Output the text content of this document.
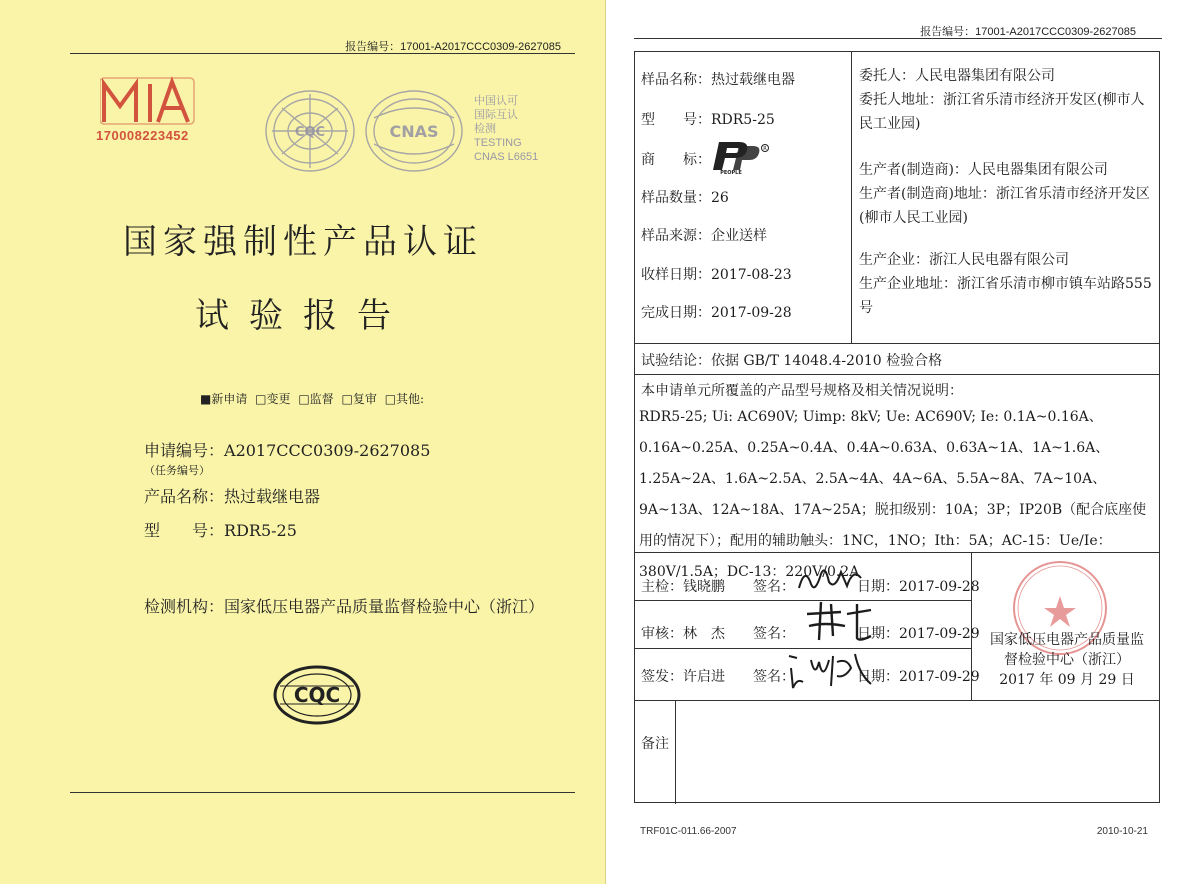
报告编号：17001-A2017CCC0309-2627085
170008223452	CQC	CNAS
中国认可
国际互认
检测
TESTING
CNAS L6651
国家强制性产品认证
试验报告
■新申请 □变更 □监督 □复审 □其他:
申请编号：A2017CCC0309-2627085
（任务编号）
产品名称：热过载继电器
型　　号：RDR5-25
检测机构：国家低压电器产品质量监督检验中心（浙江）
CQC
报告编号：17001-A2017CCC0309-2627085
样品名称：热过载继电器
型　　号：RDR5-25
商　　标：
R
PEOPLE
样品数量：26
样品来源：企业送样
收样日期：2017-08-23
完成日期：2017-09-28
委托人：人民电器集团有限公司
委托人地址：浙江省乐清市经济开发区(柳市人民工业园)
生产者(制造商)：人民电器集团有限公司
生产者(制造商)地址：浙江省乐清市经济开发区(柳市人民工业园)
生产企业：浙江人民电器有限公司
生产企业地址：浙江省乐清市柳市镇车站路555号
试验结论：依据 GB/T 14048.4-2010 检验合格
本申请单元所覆盖的产品型号规格及相关情况说明：
RDR5-25; Ui: AC690V; Uimp: 8kV; Ue: AC690V; Ie: 0.1A~0.16A、0.16A~0.25A、0.25A~0.4A、0.4A~0.63A、0.63A~1A、1A~1.6A、1.25A~2A、1.6A~2.5A、2.5A~4A、4A~6A、5.5A~8A、7A~10A、9A~13A、12A~18A、17A~25A；脱扣级别：10A；3P；IP20B（配合底座使用的情况下）；配用的辅助触头：1NC，1NO；Ith：5A；AC-15：Ue/Ie：380V/1.5A；DC-13：220V/0.2A
主检：钱晓鹏 签名：	日期：2017-09-28
审核：林　杰 签名：	日期：2017-09-29
签发：许启进 签名：	日期：2017-09-29
国家低压电器产品质量监
督检验中心（浙江）
2017 年 09 月 29 日
备注
TRF01C-011.66-2007	2010-10-21
